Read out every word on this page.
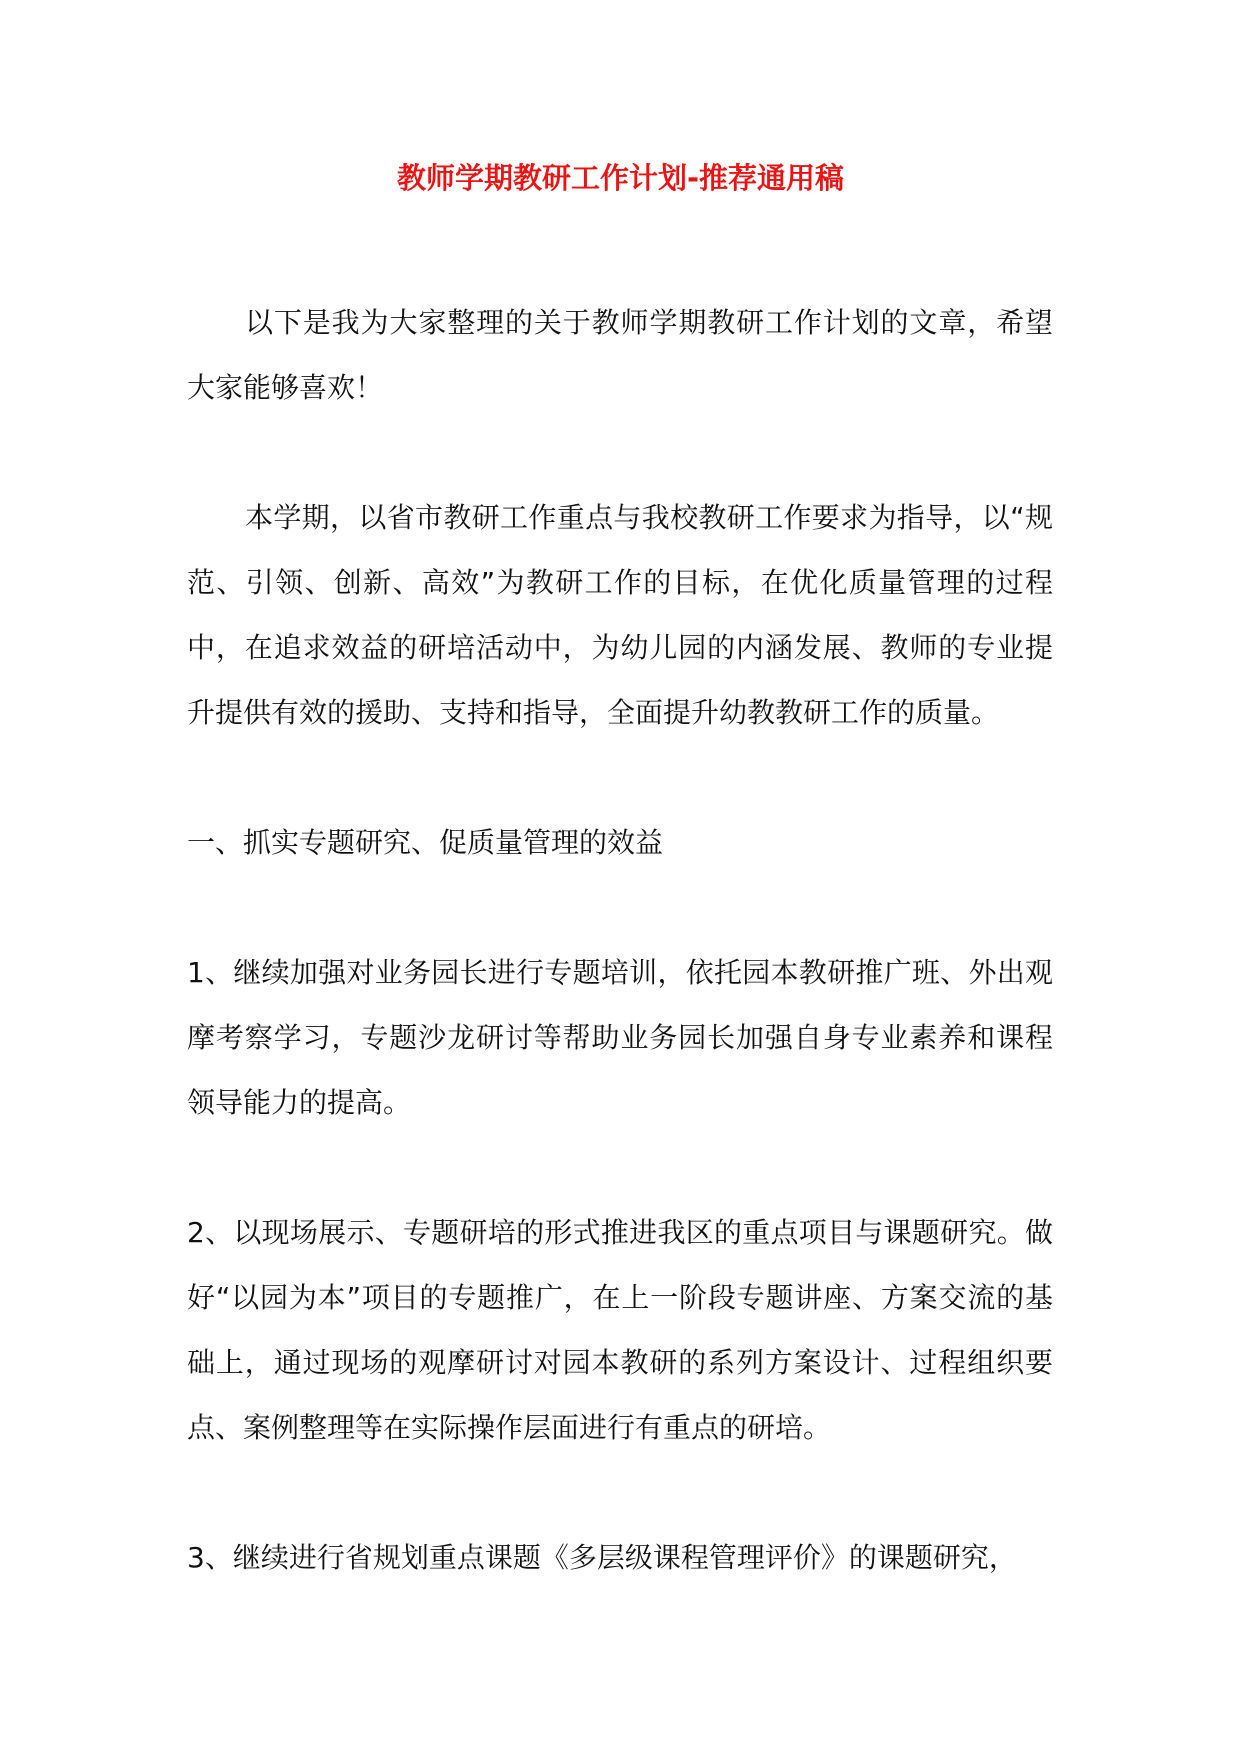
教师学期教研工作计划-推荐通用稿

以下是我为大家整理的关于教师学期教研工作计划的文章，希望大家能够喜欢！

本学期，以省市教研工作重点与我校教研工作要求为指导，以“规范、引领、创新、高效”为教研工作的目标，在优化质量管理的过程中，在追求效益的研培活动中，为幼儿园的内涵发展、教师的专业提升提供有效的援助、支持和指导，全面提升幼教教研工作的质量。

一、抓实专题研究、促质量管理的效益

1、继续加强对业务园长进行专题培训，依托园本教研推广班、外出观摩考察学习，专题沙龙研讨等帮助业务园长加强自身专业素养和课程领导能力的提高。

2、以现场展示、专题研培的形式推进我区的重点项目与课题研究。做好“以园为本”项目的专题推广，在上一阶段专题讲座、方案交流的基础上，通过现场的观摩研讨对园本教研的系列方案设计、过程组织要点、案例整理等在实际操作层面进行有重点的研培。

3、继续进行省规划重点课题《多层级课程管理评价》的课题研究，
